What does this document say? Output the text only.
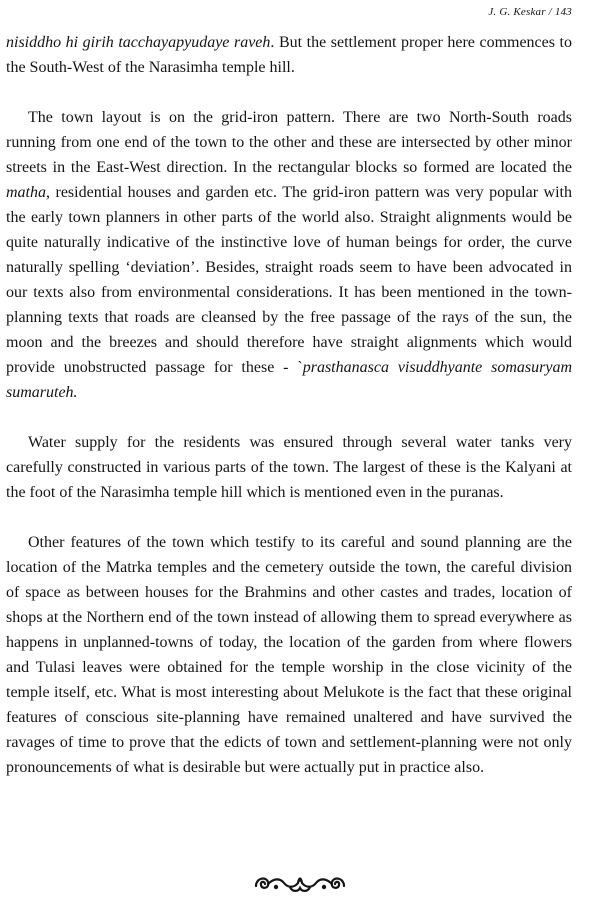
J. G. Keskar / 143

nisiddho hi girih tacchayapyudaye raveh. But the settlement proper here commences to the South-West of the Narasimha temple hill.

The town layout is on the grid-iron pattern. There are two North-South roads running from one end of the town to the other and these are intersected by other minor streets in the East-West direction. In the rectangular blocks so formed are located the matha, residential houses and garden etc. The grid-iron pattern was very popular with the early town planners in other parts of the world also. Straight alignments would be quite naturally indicative of the instinctive love of human beings for order, the curve naturally spelling ‘deviation’. Besides, straight roads seem to have been advocated in our texts also from environmental considerations. It has been mentioned in the town-planning texts that roads are cleansed by the free passage of the rays of the sun, the moon and the breezes and should therefore have straight alignments which would provide unobstructed passage for these - `prasthanasca visuddhyante somasuryam sumaruteh.

Water supply for the residents was ensured through several water tanks very carefully constructed in various parts of the town. The largest of these is the Kalyani at the foot of the Narasimha temple hill which is mentioned even in the puranas.

Other features of the town which testify to its careful and sound planning are the location of the Matrka temples and the cemetery outside the town, the careful division of space as between houses for the Brahmins and other castes and trades, location of shops at the Northern end of the town instead of allowing them to spread everywhere as happens in unplanned-towns of today, the location of the garden from where flowers and Tulasi leaves were obtained for the temple worship in the close vicinity of the temple itself, etc. What is most interesting about Melukote is the fact that these original features of conscious site-planning have remained unaltered and have survived the ravages of time to prove that the edicts of town and settlement-planning were not only pronouncements of what is desirable but were actually put in practice also.
